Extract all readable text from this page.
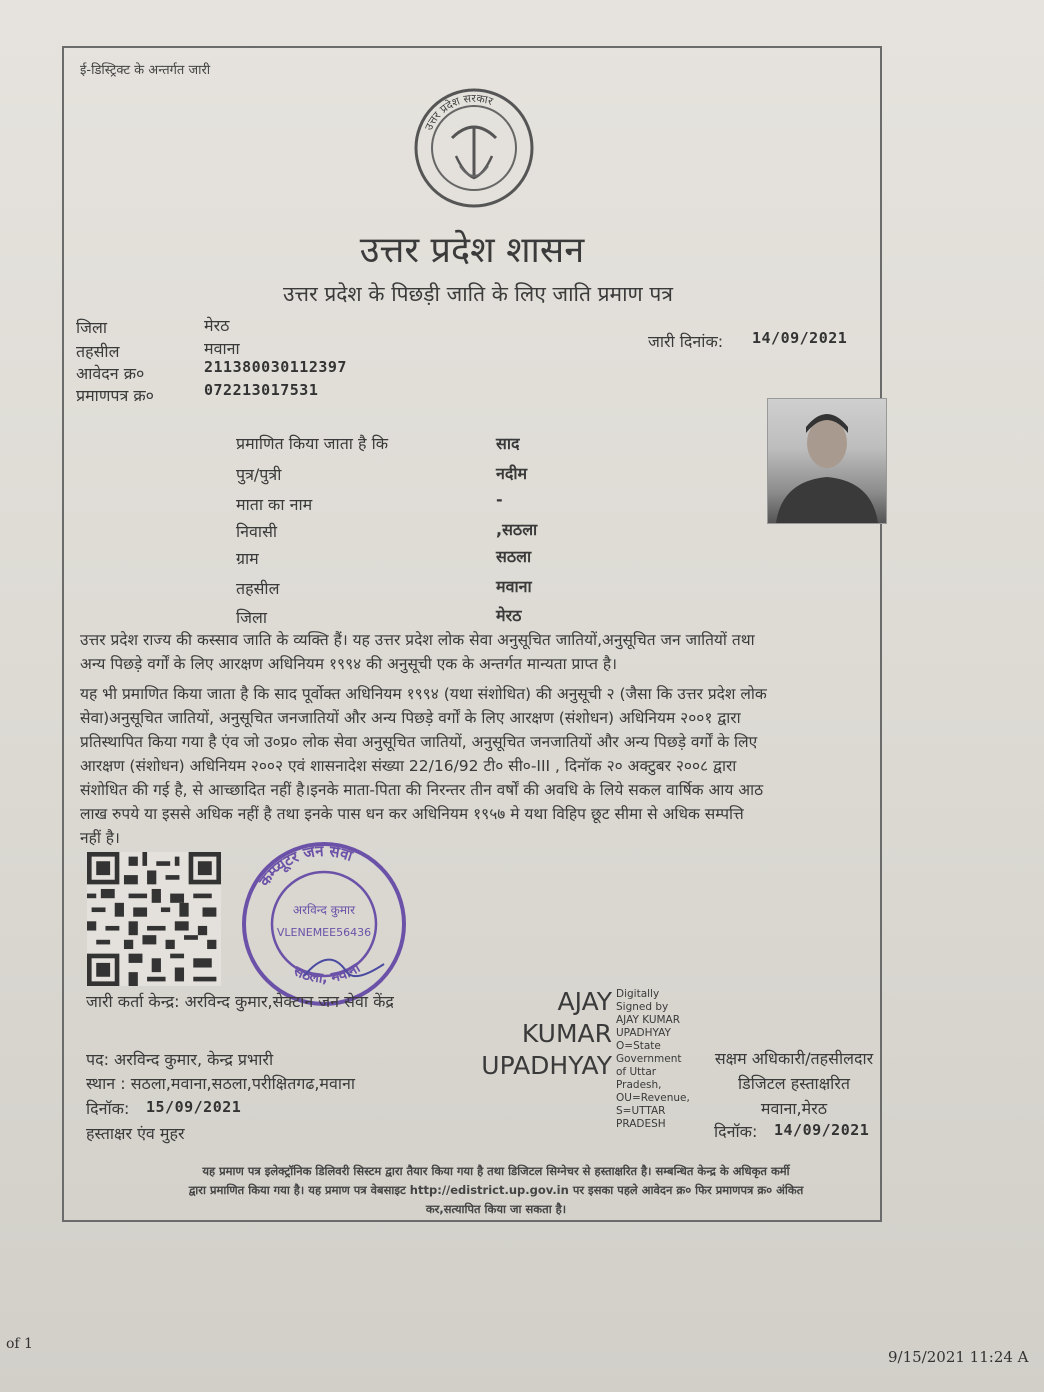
ई-डिस्ट्रिक्ट के अन्तर्गत जारी
उत्तर प्रदेश सरकार
उत्तर प्रदेश शासन
उत्तर प्रदेश के पिछड़ी जाति के लिए जाति प्रमाण पत्र
जिला	मेरठ
तहसील	मवाना
आवेदन क्र०	211380030112397
प्रमाणपत्र क्र०	072213017531
जारी दिनांक: 14/09/2021
प्रमाणित किया जाता है कि	साद
पुत्र/पुत्री	नदीम
माता का नाम	-
निवासी	,सठला
ग्राम	सठला
तहसील	मवाना
जिला	मेरठ
उत्तर प्रदेश राज्य की कस्साव जाति के व्यक्ति हैं। यह उत्तर प्रदेश लोक सेवा अनुसूचित जातियों,अनुसूचित जन जातियों तथा
अन्य पिछड़े वर्गों के लिए आरक्षण अधिनियम १९९४ की अनुसूची एक के अन्तर्गत मान्यता प्राप्त है।
यह भी प्रमाणित किया जाता है कि साद पूर्वोक्त अधिनियम १९९४ (यथा संशोधित) की अनुसूची २ (जैसा कि उत्तर प्रदेश लोक
सेवा)अनुसूचित जातियों, अनुसूचित जनजातियों और अन्य पिछड़े वर्गों के लिए आरक्षण (संशोधन) अधिनियम २००१ द्वारा
प्रतिस्थापित किया गया है एंव जो उ०प्र० लोक सेवा अनुसूचित जातियों, अनुसूचित जनजातियों और अन्य पिछड़े वर्गों के लिए
आरक्षण (संशोधन) अधिनियम २००२ एवं शासनादेश संख्या 22/16/92 टी० सी०-III , दिनॉक २० अक्टुबर २००८ द्वारा
संशोधित की गई है, से आच्छादित नहीं है।इनके माता-पिता की निरन्तर तीन वर्षों की अवधि के लिये सकल वार्षिक आय आठ
लाख रुपये या इससे अधिक नहीं है तथा इनके पास धन कर अधिनियम १९५७ मे यथा विहिप छूट सीमा से अधिक सम्पत्ति
नहीं है।
कम्प्यूटर जन सेवा
सठला, मवाना
अरविन्द कुमार
VLENEMEE56436
जारी कर्ता केन्द्र: अरविन्द कुमार,सेक्टान जन सेवा केंद्र
पद: अरविन्द कुमार, केन्द्र प्रभारी
स्थान : सठला,मवाना,सठला,परीक्षितगढ,मवाना
दिनॉक: 15/09/2021
हस्ताक्षर एंव मुहर
AJAY
KUMAR
UPADHYAY
Digitally
Signed by
AJAY KUMAR
UPADHYAY
O=State
Government
of Uttar
Pradesh,
OU=Revenue,
S=UTTAR
PRADESH
सक्षम अधिकारी/तहसीलदार
डिजिटल हस्ताक्षरित
मवाना,मेरठ
दिनॉक: 14/09/2021
यह प्रमाण पत्र इलेक्ट्रॉनिक डिलिवरी सिस्टम द्वारा तैयार किया गया है तथा डिजिटल सिग्नेचर से हस्ताक्षरित है। सम्बन्धित केन्द्र के अधिकृत कर्मी
द्वारा प्रमाणित किया गया है। यह प्रमाण पत्र वेबसाइट http://edistrict.up.gov.in पर इसका पहले आवेदन क्र० फिर प्रमाणपत्र क्र० अंकित
कर,सत्यापित किया जा सकता है।
of 1
9/15/2021 11:24 A
